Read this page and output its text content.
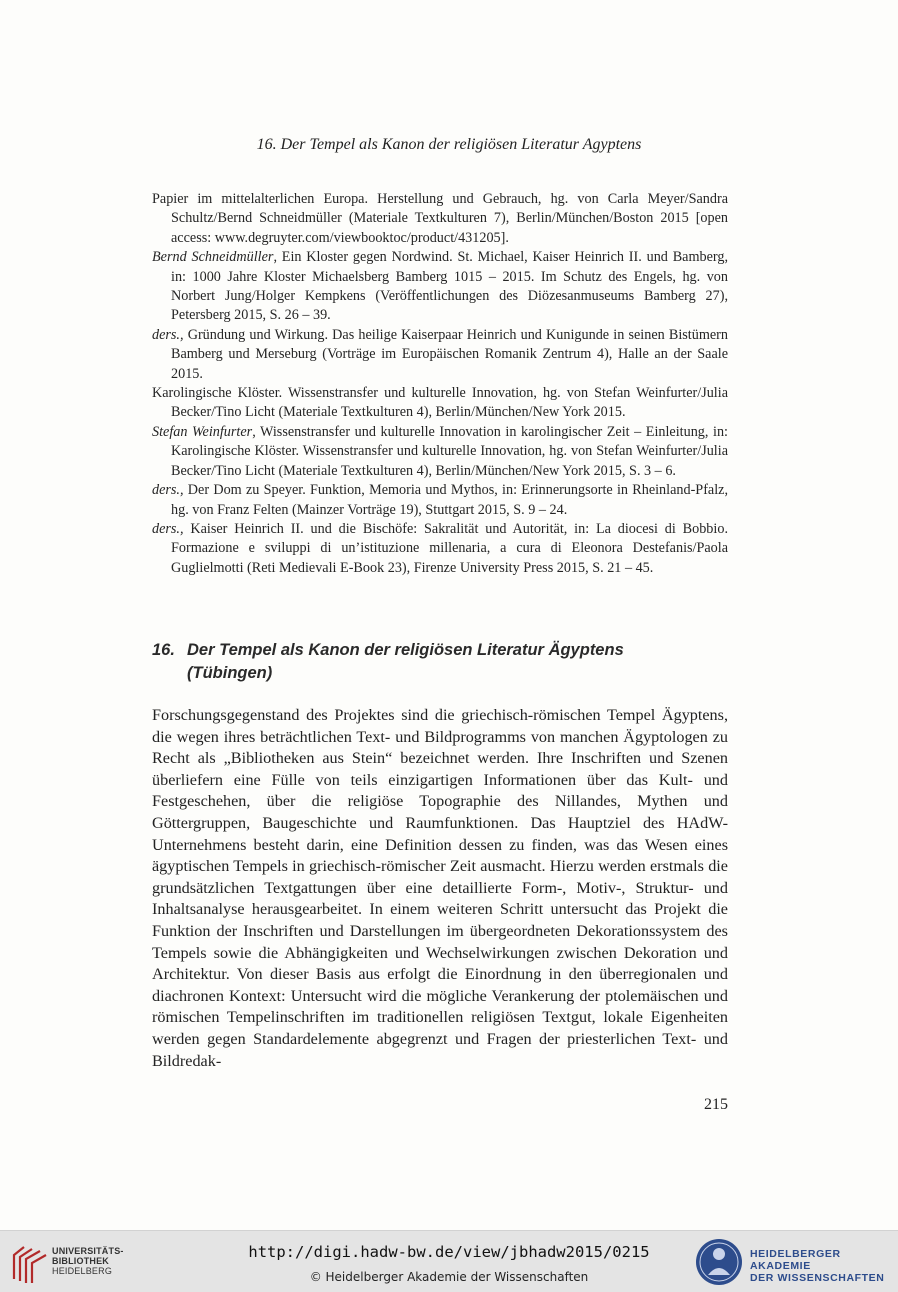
16. Der Tempel als Kanon der religiösen Literatur Agyptens

Papier im mittelalterlichen Europa. Herstellung und Gebrauch, hg. von Carla Meyer/Sandra Schultz/Bernd Schneidmüller (Materiale Textkulturen 7), Berlin/München/Boston 2015 [open access: www.degruyter.com/viewbooktoc/product/431205].

Bernd Schneidmüller, Ein Kloster gegen Nordwind. St. Michael, Kaiser Heinrich II. und Bamberg, in: 1000 Jahre Kloster Michaelsberg Bamberg 1015 – 2015. Im Schutz des Engels, hg. von Norbert Jung/Holger Kempkens (Veröffentlichungen des Diözesanmuseums Bamberg 27), Petersberg 2015, S. 26 – 39.

ders., Gründung und Wirkung. Das heilige Kaiserpaar Heinrich und Kunigunde in seinen Bistümern Bamberg und Merseburg (Vorträge im Europäischen Romanik Zentrum 4), Halle an der Saale 2015.

Karolingische Klöster. Wissenstransfer und kulturelle Innovation, hg. von Stefan Weinfurter/Julia Becker/Tino Licht (Materiale Textkulturen 4), Berlin/München/New York 2015.

Stefan Weinfurter, Wissenstransfer und kulturelle Innovation in karolingischer Zeit – Einleitung, in: Karolingische Klöster. Wissenstransfer und kulturelle Innovation, hg. von Stefan Weinfurter/Julia Becker/Tino Licht (Materiale Textkulturen 4), Berlin/München/New York 2015, S. 3 – 6.

ders., Der Dom zu Speyer. Funktion, Memoria und Mythos, in: Erinnerungsorte in Rheinland-Pfalz, hg. von Franz Felten (Mainzer Vorträge 19), Stuttgart 2015, S. 9 – 24.

ders., Kaiser Heinrich II. und die Bischöfe: Sakralität und Autorität, in: La diocesi di Bobbio. Formazione e sviluppi di un’istituzione millenaria, a cura di Eleonora Destefanis/Paola Guglielmotti (Reti Medievali E-Book 23), Firenze University Press 2015, S. 21 – 45.

16. Der Tempel als Kanon der religiösen Literatur Ägyptens
(Tübingen)

Forschungsgegenstand des Projektes sind die griechisch-römischen Tempel Ägyptens, die wegen ihres beträchtlichen Text- und Bildprogramms von manchen Ägyptologen zu Recht als „Bibliotheken aus Stein“ bezeichnet werden. Ihre Inschriften und Szenen überliefern eine Fülle von teils einzigartigen Informationen über das Kult- und Festgeschehen, über die religiöse Topographie des Nillandes, Mythen und Göttergruppen, Baugeschichte und Raumfunktionen. Das Hauptziel des HAdW-Unternehmens besteht darin, eine Definition dessen zu finden, was das Wesen eines ägyptischen Tempels in griechisch-römischer Zeit ausmacht. Hierzu werden erstmals die grundsätzlichen Textgattungen über eine detaillierte Form-, Motiv-, Struktur- und Inhaltsanalyse herausgearbeitet. In einem weiteren Schritt untersucht das Projekt die Funktion der Inschriften und Darstellungen im übergeordneten Dekorationssystem des Tempels sowie die Abhängigkeiten und Wechselwirkungen zwischen Dekoration und Architektur. Von dieser Basis aus erfolgt die Einordnung in den überregionalen und diachronen Kontext: Untersucht wird die mögliche Verankerung der ptolemäischen und römischen Tempelinschriften im traditionellen religiösen Textgut, lokale Eigenheiten werden gegen Standardelemente abgegrenzt und Fragen der priesterlichen Text- und Bildredak-

215
UNIVERSITÄTS-
BIBLIOTHEK
HEIDELBERG
http://digi.hadw-bw.de/view/jbhadw2015/0215
© Heidelberger Akademie der Wissenschaften
HEIDELBERGER AKADEMIE
DER WISSENSCHAFTEN
